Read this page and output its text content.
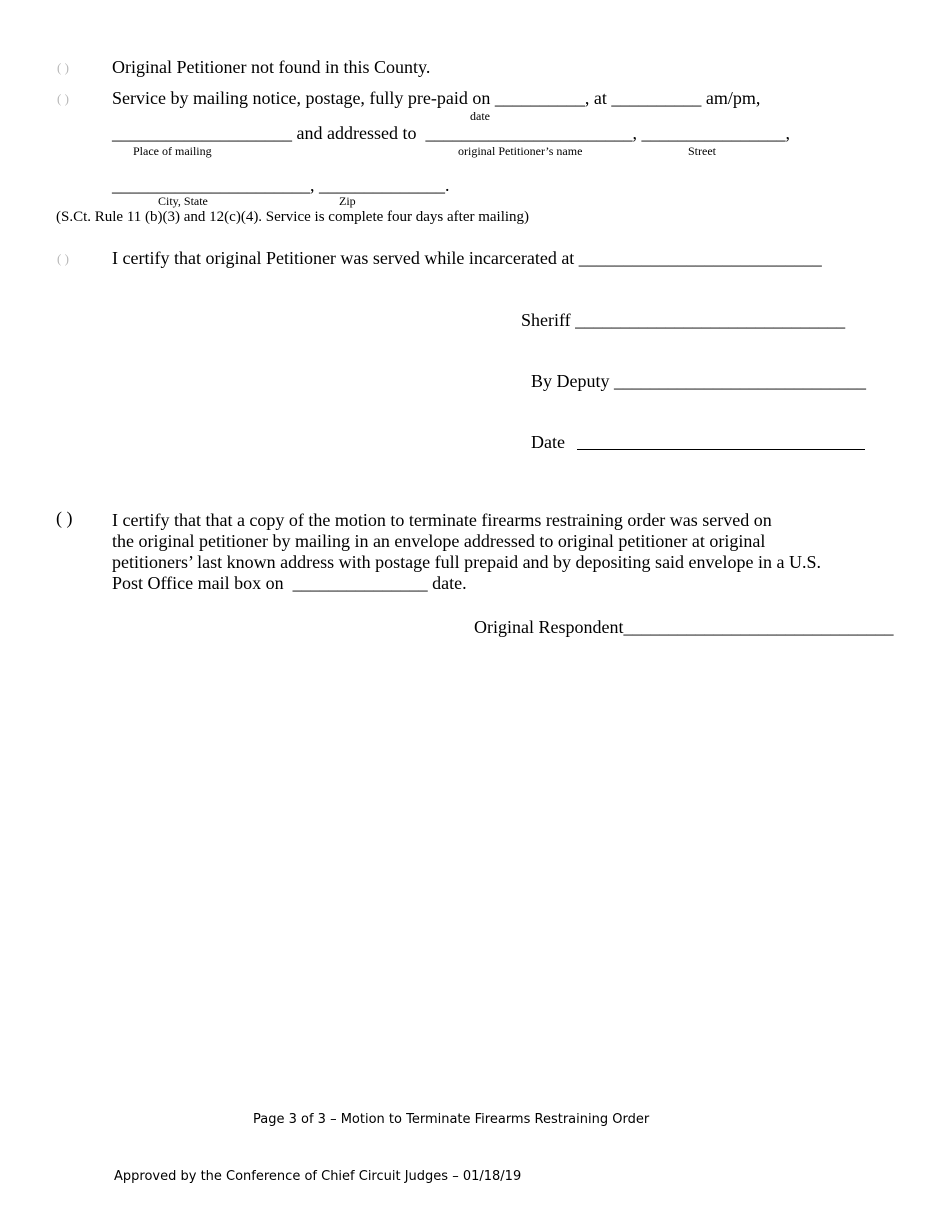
( ) Original Petitioner not found in this County.
( ) Service by mailing notice, postage, fully pre-paid on __________, at __________ am/pm,
date
____________________ and addressed to  _______________________, ________________,
Place of mailing	original Petitioner’s name	Street
______________________, ______________.
City, State	Zip
(S.Ct. Rule 11 (b)(3) and 12(c)(4). Service is complete four days after mailing)
( ) I certify that original Petitioner was served while incarcerated at ___________________________
Sheriff ______________________________
By Deputy ____________________________
Date
( ) I certify that that a copy of the motion to terminate firearms restraining order was served on
the original petitioner by mailing in an envelope addressed to original petitioner at original
petitioners’ last known address with postage full prepaid and by depositing said envelope in a U.S.
Post Office mail box on  _______________ date.
Original Respondent______________________________
Page 3 of 3 – Motion to Terminate Firearms Restraining Order
Approved by the Conference of Chief Circuit Judges – 01/18/19
